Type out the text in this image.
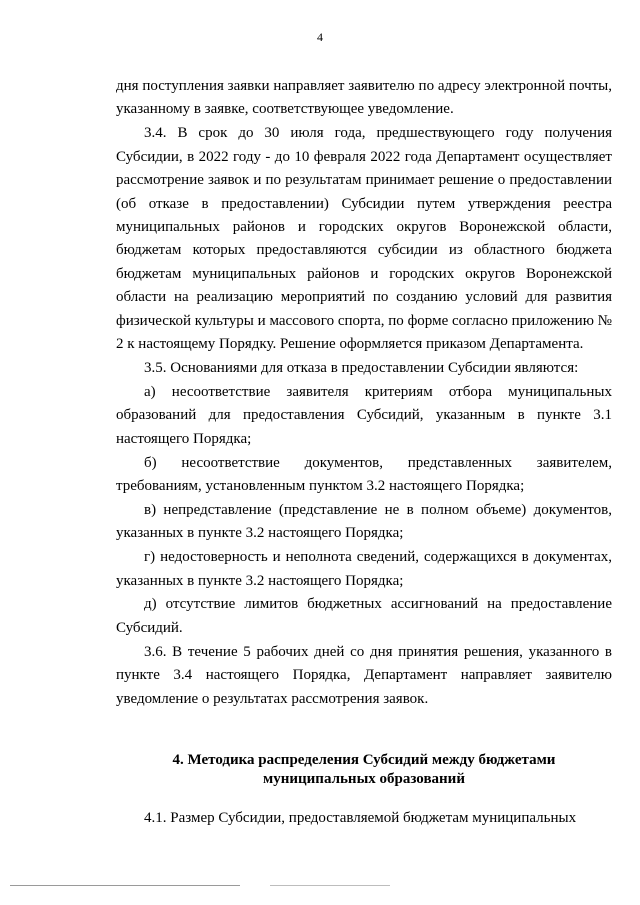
4

дня поступления заявки направляет заявителю по адресу электронной почты, указанному в заявке, соответствующее уведомление.

3.4. В срок до 30 июля года, предшествующего году получения Субсидии, в 2022 году - до 10 февраля 2022 года Департамент осуществляет рассмотрение заявок и по результатам принимает решение о предоставлении (об отказе в предоставлении) Субсидии путем утверждения реестра муниципальных районов и городских округов Воронежской области, бюджетам которых предоставляются субсидии из областного бюджета бюджетам муниципальных районов и городских округов Воронежской области на реализацию мероприятий по созданию условий для развития физической культуры и массового спорта, по форме согласно приложению № 2 к настоящему Порядку. Решение оформляется приказом Департамента.

3.5. Основаниями для отказа в предоставлении Субсидии являются:

а) несоответствие заявителя критериям отбора муниципальных образований для предоставления Субсидий, указанным в пункте 3.1 настоящего Порядка;

б) несоответствие документов, представленных заявителем, требованиям, установленным пунктом 3.2 настоящего Порядка;

в) непредставление (представление не в полном объеме) документов, указанных в пункте 3.2 настоящего Порядка;

г) недостоверность и неполнота сведений, содержащихся в документах, указанных в пункте 3.2 настоящего Порядка;

д) отсутствие лимитов бюджетных ассигнований на предоставление Субсидий.

3.6. В течение 5 рабочих дней со дня принятия решения, указанного в пункте 3.4 настоящего Порядка, Департамент направляет заявителю уведомление о результатах рассмотрения заявок.

4. Методика распределения Субсидий между бюджетами
муниципальных образований

4.1. Размер Субсидии, предоставляемой бюджетам муниципальных
